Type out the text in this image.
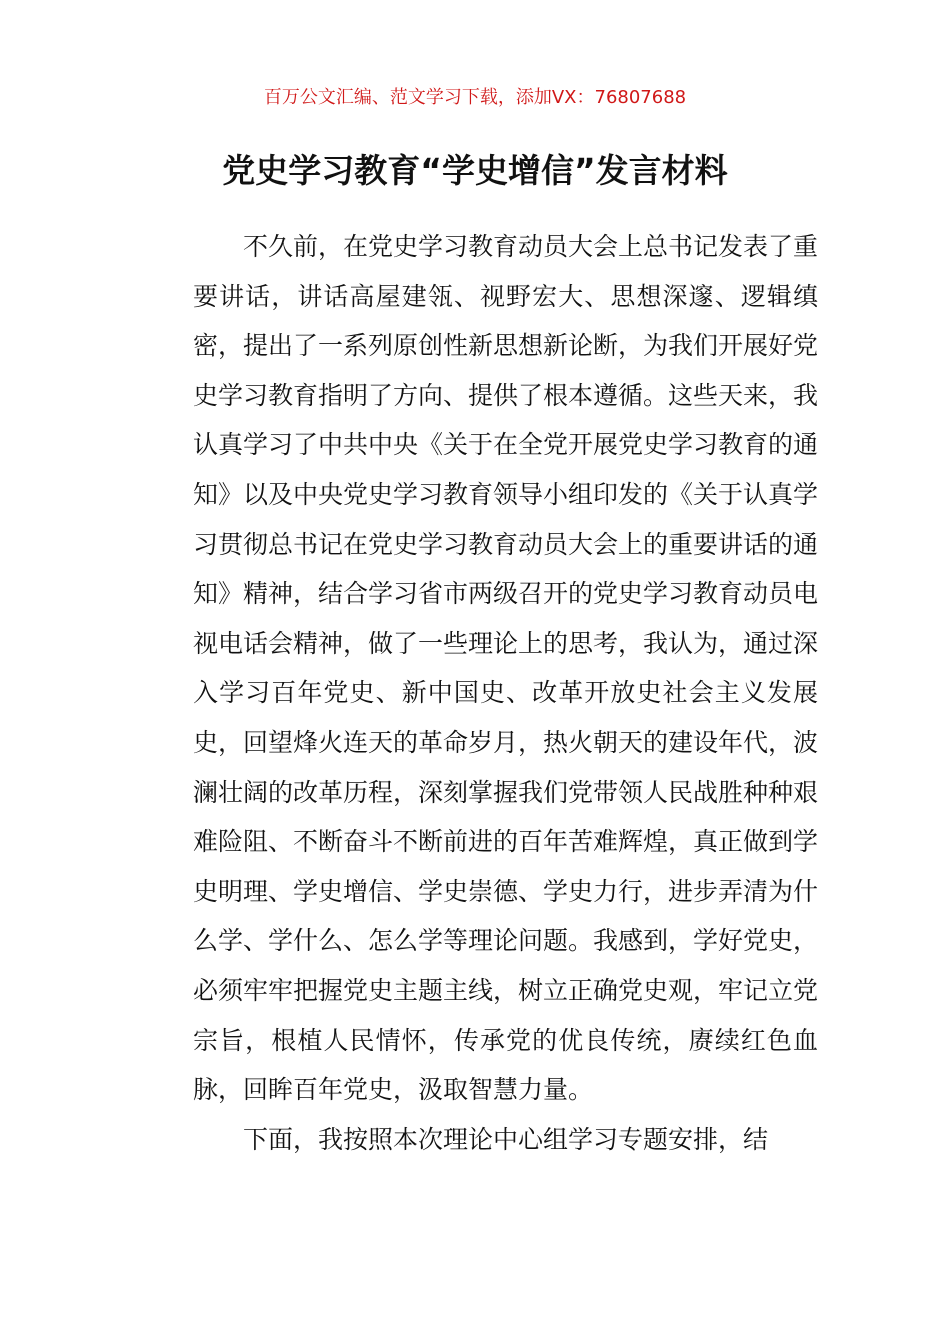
百万公文汇编、范文学习下载，添加VX：76807688
党史学习教育“学史增信”发言材料

不久前，在党史学习教育动员大会上总书记发表了重要讲话，讲话高屋建瓴、视野宏大、思想深邃、逻辑缜密，提出了一系列原创性新思想新论断，为我们开展好党史学习教育指明了方向、提供了根本遵循。这些天来，我认真学习了中共中央《关于在全党开展党史学习教育的通知》以及中央党史学习教育领导小组印发的《关于认真学习贯彻总书记在党史学习教育动员大会上的重要讲话的通知》精神，结合学习省市两级召开的党史学习教育动员电视电话会精神，做了一些理论上的思考，我认为，通过深入学习百年党史、新中国史、改革开放史社会主义发展史，回望烽火连天的革命岁月，热火朝天的建设年代，波澜壮阔的改革历程，深刻掌握我们党带领人民战胜种种艰难险阻、不断奋斗不断前进的百年苦难辉煌，真正做到学史明理、学史增信、学史崇德、学史力行，进步弄清为什么学、学什么、怎么学等理论问题。我感到，学好党史，必须牢牢把握党史主题主线，树立正确党史观，牢记立党宗旨，根植人民情怀，传承党的优良传统，赓续红色血脉，回眸百年党史，汲取智慧力量。

下面，我按照本次理论中心组学习专题安排，结
